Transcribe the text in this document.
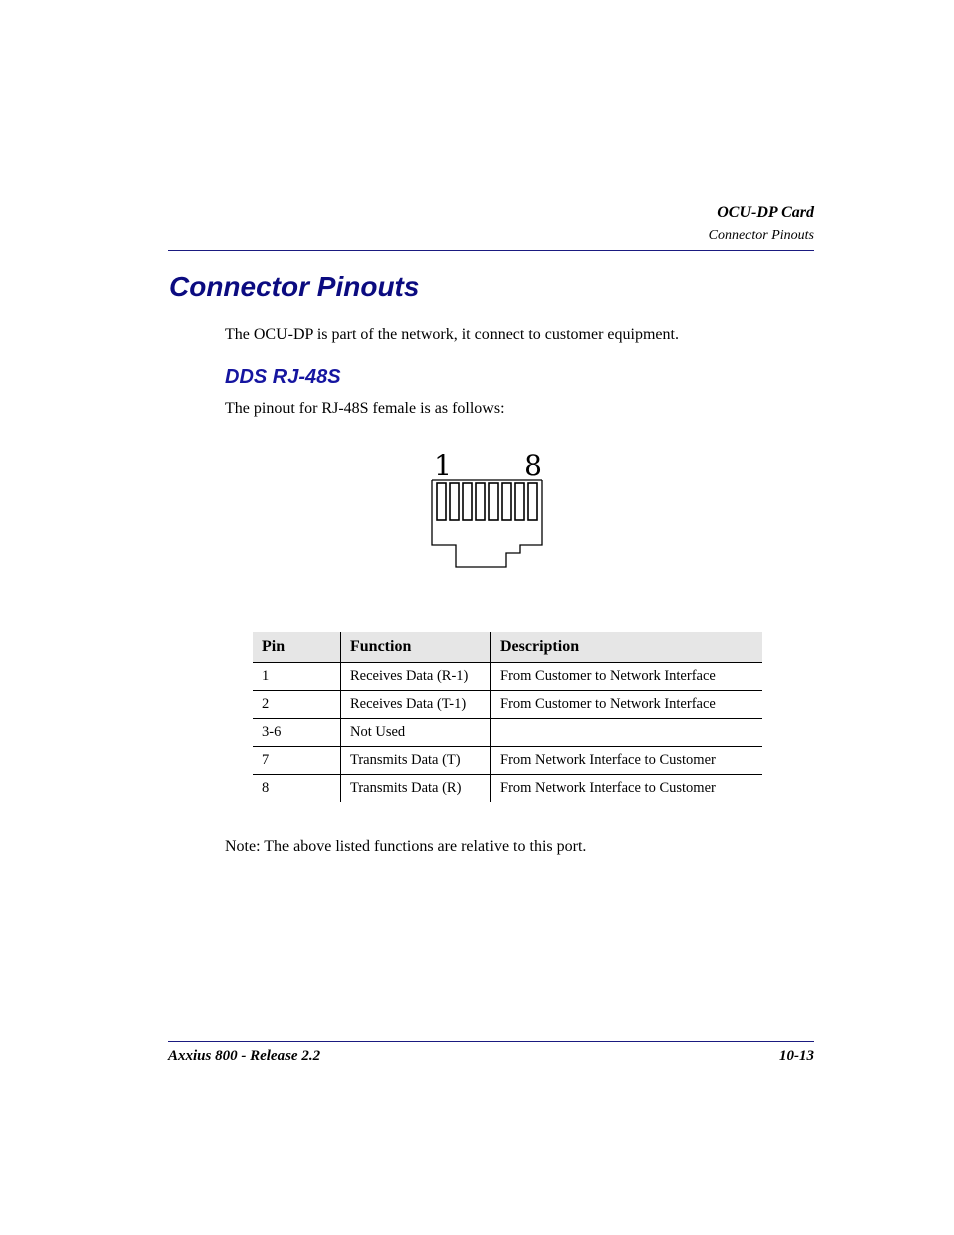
OCU-DP Card
Connector Pinouts
Connector Pinouts
The OCU-DP is part of the network, it connect to customer equipment.
DDS RJ-48S
The pinout for RJ-48S female is as follows:
1	8
Pin	Function	Description
1	Receives Data (R-1)	From Customer to Network Interface
2	Receives Data (T-1)	From Customer to Network Interface
3-6	Not Used	
7	Transmits Data (T)	From Network Interface to Customer
8	Transmits Data (R)	From Network Interface to Customer
Note: The above listed functions are relative to this port.
Axxius 800 - Release 2.2	10-13
